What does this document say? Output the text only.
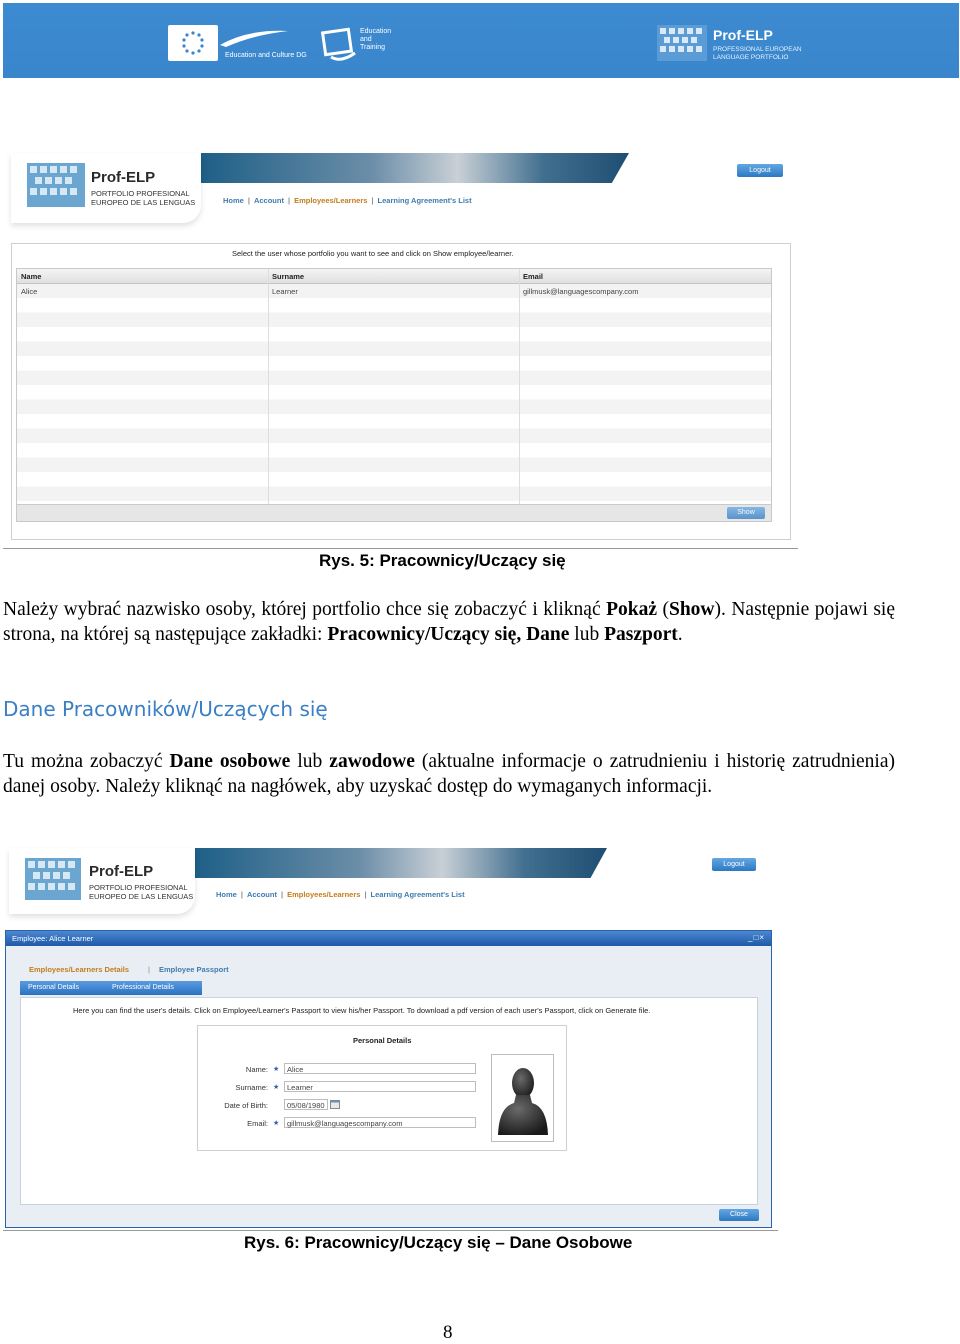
Education and Culture DG
Education
and
Training
Prof-ELP
PROFESSIONAL EUROPEAN
LANGUAGE PORTFOLIO
Prof-ELP
PORTFOLIO PROFESIONAL
EUROPEO DE LAS LENGUAS	Home | Account | Employees/Learners | Learning Agreement's List
Logout
Select the user whose portfolio you want to see and click on Show employee/learner.
Name	Surname	Email
Alice	Learner	gillmusk@languagescompany.com
Show
Rys. 5: Pracownicy/Uczący się
Należy wybrać nazwisko osoby, której portfolio chce się zobaczyć i kliknąć Pokaż (Show). Następnie pojawi się strona, na której są następujące zakładki: Pracownicy/Uczący się, Dane lub Paszport.
Dane Pracowników/Uczących się
Tu można zobaczyć Dane osobowe lub zawodowe (aktualne informacje o zatrudnieniu i historię zatrudnienia) danej osoby. Należy kliknąć na nagłówek, aby uzyskać dostęp do wymaganych informacji.
Prof-ELP
PORTFOLIO PROFESIONAL
EUROPEO DE LAS LENGUAS	Home | Account | Employees/Learners | Learning Agreement's List
Logout
Employee: Alice Learner	_□×
Employees/Learners Details	| Employee Passport
Personal Details	Professional Details
Here you can find the user's details. Click on Employee/Learner's Passport to view his/her Passport. To download a pdf version of each user's Passport, click on Generate file.
Personal Details
Name: ★	Alice
Surname: ★	Learner
Date of Birth:	05/08/1980
Email: ★	gillmusk@languagescompany.com
Close
Rys. 6: Pracownicy/Uczący się – Dane Osobowe
8
